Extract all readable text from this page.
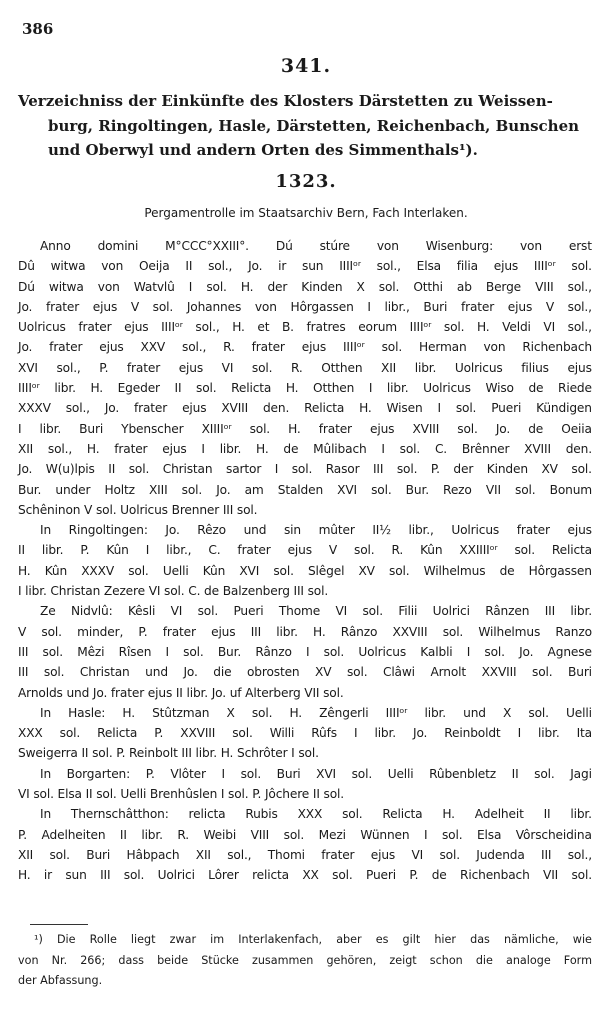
386
341.
Verzeichniss der Einkünfte des Klosters Därstetten zu Weissen-
burg, Ringoltingen, Hasle, Därstetten, Reichenbach, Bunschen
und Oberwyl und andern Orten des Simmenthals¹).
1323.
Pergamentrolle im Staatsarchiv Bern, Fach Interlaken.
Anno domini M°CCC°XXIII°. Dú stúre von Wisenburg: von erst
Dû witwa von Oeija II sol., Jo. ir sun IIIIᵒʳ sol., Elsa filia ejus IIIIᵒʳ sol.
Dú witwa von Watvlû I sol. H. der Kinden X sol. Otthi ab Berge VIII sol.,
Jo. frater ejus V sol. Johannes von Hôrgassen I libr., Buri frater ejus V sol.,
Uolricus frater ejus IIIIᵒʳ sol., H. et B. fratres eorum IIIIᵒʳ sol. H. Veldi VI sol.,
Jo. frater ejus XXV sol., R. frater ejus IIIIᵒʳ sol. Herman von Richenbach
XVI sol., P. frater ejus VI sol. R. Otthen XII libr. Uolricus filius ejus
IIIIᵒʳ libr. H. Egeder II sol. Relicta H. Otthen I libr. Uolricus Wiso de Riede
XXXV sol., Jo. frater ejus XVIII den. Relicta H. Wisen I sol. Pueri Kündigen
I libr. Buri Ybenscher XIIIIᵒʳ sol. H. frater ejus XVIII sol. Jo. de Oeiia
XII sol., H. frater ejus I libr. H. de Mûlibach I sol. C. Brênner XVIII den.
Jo. W(u)lpis II sol. Christan sartor I sol. Rasor III sol. P. der Kinden XV sol.
Bur. under Holtz XIII sol. Jo. am Stalden XVI sol. Bur. Rezo VII sol. Bonum
Schêninon V sol. Uolricus Brenner III sol.
In Ringoltingen: Jo. Rêzo und sin mûter II½ libr., Uolricus frater ejus
II libr. P. Kûn I libr., C. frater ejus V sol. R. Kûn XXIIIIᵒʳ sol. Relicta
H. Kûn XXXV sol. Uelli Kûn XVI sol. Slêgel XV sol. Wilhelmus de Hôrgassen
I libr. Christan Zezere VI sol. C. de Balzenberg III sol.
Ze Nidvlû: Kêsli VI sol. Pueri Thome VI sol. Filii Uolrici Rânzen III libr.
V sol. minder, P. frater ejus III libr. H. Rânzo XXVIII sol. Wilhelmus Ranzo
III sol. Mêzi Rîsen I sol. Bur. Rânzo I sol. Uolricus Kalbli I sol. Jo. Agnese
III sol. Christan und Jo. die obrosten XV sol. Clâwi Arnolt XXVIII sol. Buri
Arnolds und Jo. frater ejus II libr. Jo. uf Alterberg VII sol.
In Hasle: H. Stûtzman X sol. H. Zêngerli IIIIᵒʳ libr. und X sol. Uelli
XXX sol. Relicta P. XXVIII sol. Willi Rûfs I libr. Jo. Reinboldt I libr. Ita
Sweigerra II sol. P. Reinbolt III libr. H. Schrôter I sol.
In Borgarten: P. Vlôter I sol. Buri XVI sol. Uelli Rûbenbletz II sol. Jagi
VI sol. Elsa II sol. Uelli Brenhûslen I sol. P. Jôchere II sol.
In Thernschâtthon: relicta Rubis XXX sol. Relicta H. Adelheit II libr.
P. Adelheiten II libr. R. Weibi VIII sol. Mezi Wünnen I sol. Elsa Vôrscheidina
XII sol. Buri Hâbpach XII sol., Thomi frater ejus VI sol. Judenda III sol.,
H. ir sun III sol. Uolrici Lôrer relicta XX sol. Pueri P. de Richenbach VII sol.
¹) Die Rolle liegt zwar im Interlakenfach, aber es gilt hier das nämliche, wie
von Nr. 266; dass beide Stücke zusammen gehören, zeigt schon die analoge Form
der Abfassung.
